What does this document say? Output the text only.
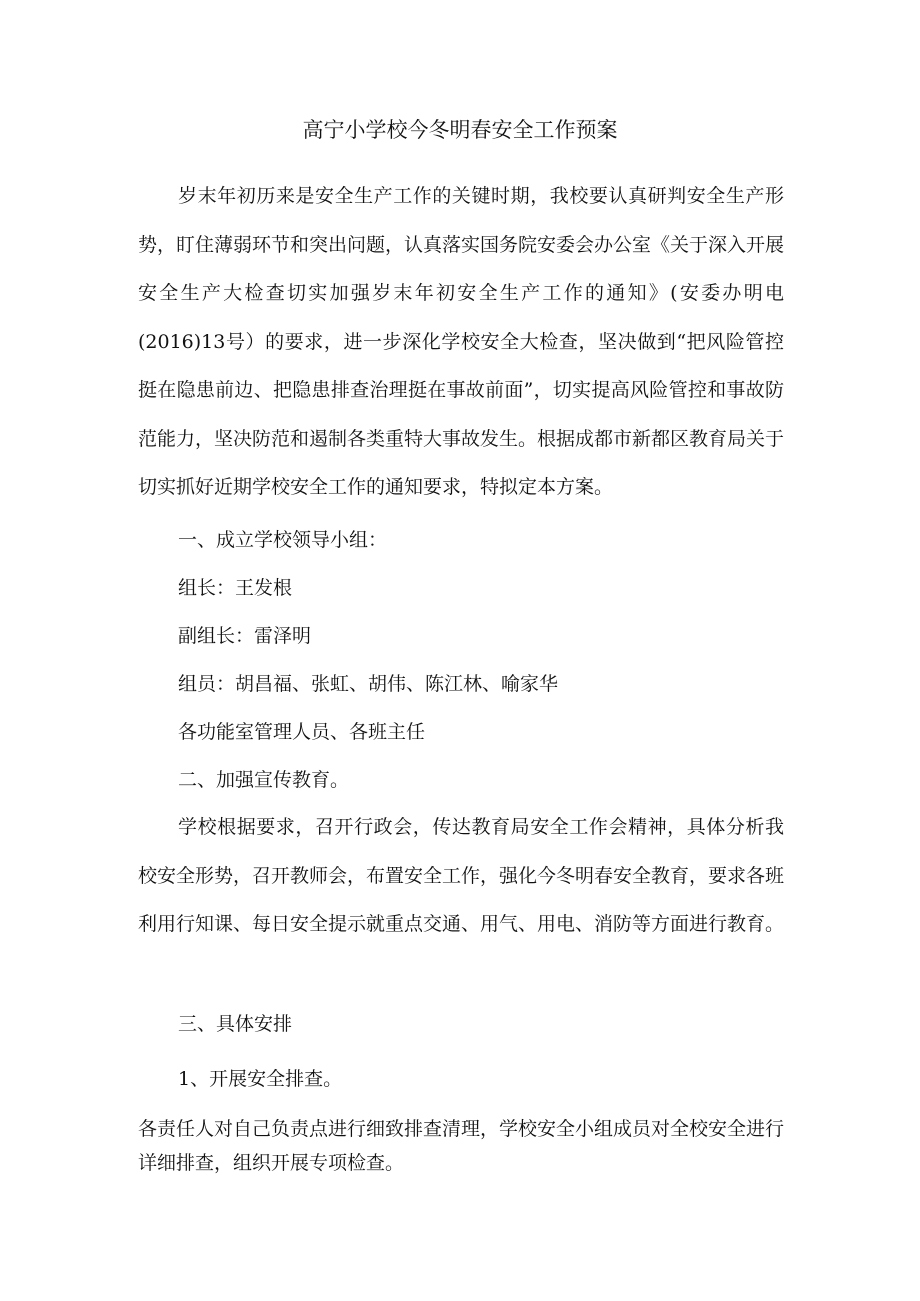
高宁小学校今冬明春安全工作预案

岁末年初历来是安全生产工作的关键时期，我校要认真研判安全生产形势，盯住薄弱环节和突出问题，认真落实国务院安委会办公室《关于深入开展安全生产大检查切实加强岁末年初安全生产工作的通知》(安委办明电(2016)13号）的要求，进一步深化学校安全大检查，坚决做到“把风险管控挺在隐患前边、把隐患排查治理挺在事故前面”，切实提高风险管控和事故防范能力，坚决防范和遏制各类重特大事故发生。根据成都市新都区教育局关于切实抓好近期学校安全工作的通知要求，特拟定本方案。

一、成立学校领导小组：

组长：王发根

副组长：雷泽明

组员：胡昌福、张虹、胡伟、陈江林、喻家华

各功能室管理人员、各班主任

二、加强宣传教育。

学校根据要求，召开行政会，传达教育局安全工作会精神，具体分析我校安全形势，召开教师会，布置安全工作，强化今冬明春安全教育，要求各班利用行知课、每日安全提示就重点交通、用气、用电、消防等方面进行教育。

三、具体安排

1、开展安全排查。

各责任人对自己负责点进行细致排查清理，学校安全小组成员对全校安全进行详细排查，组织开展专项检查。
